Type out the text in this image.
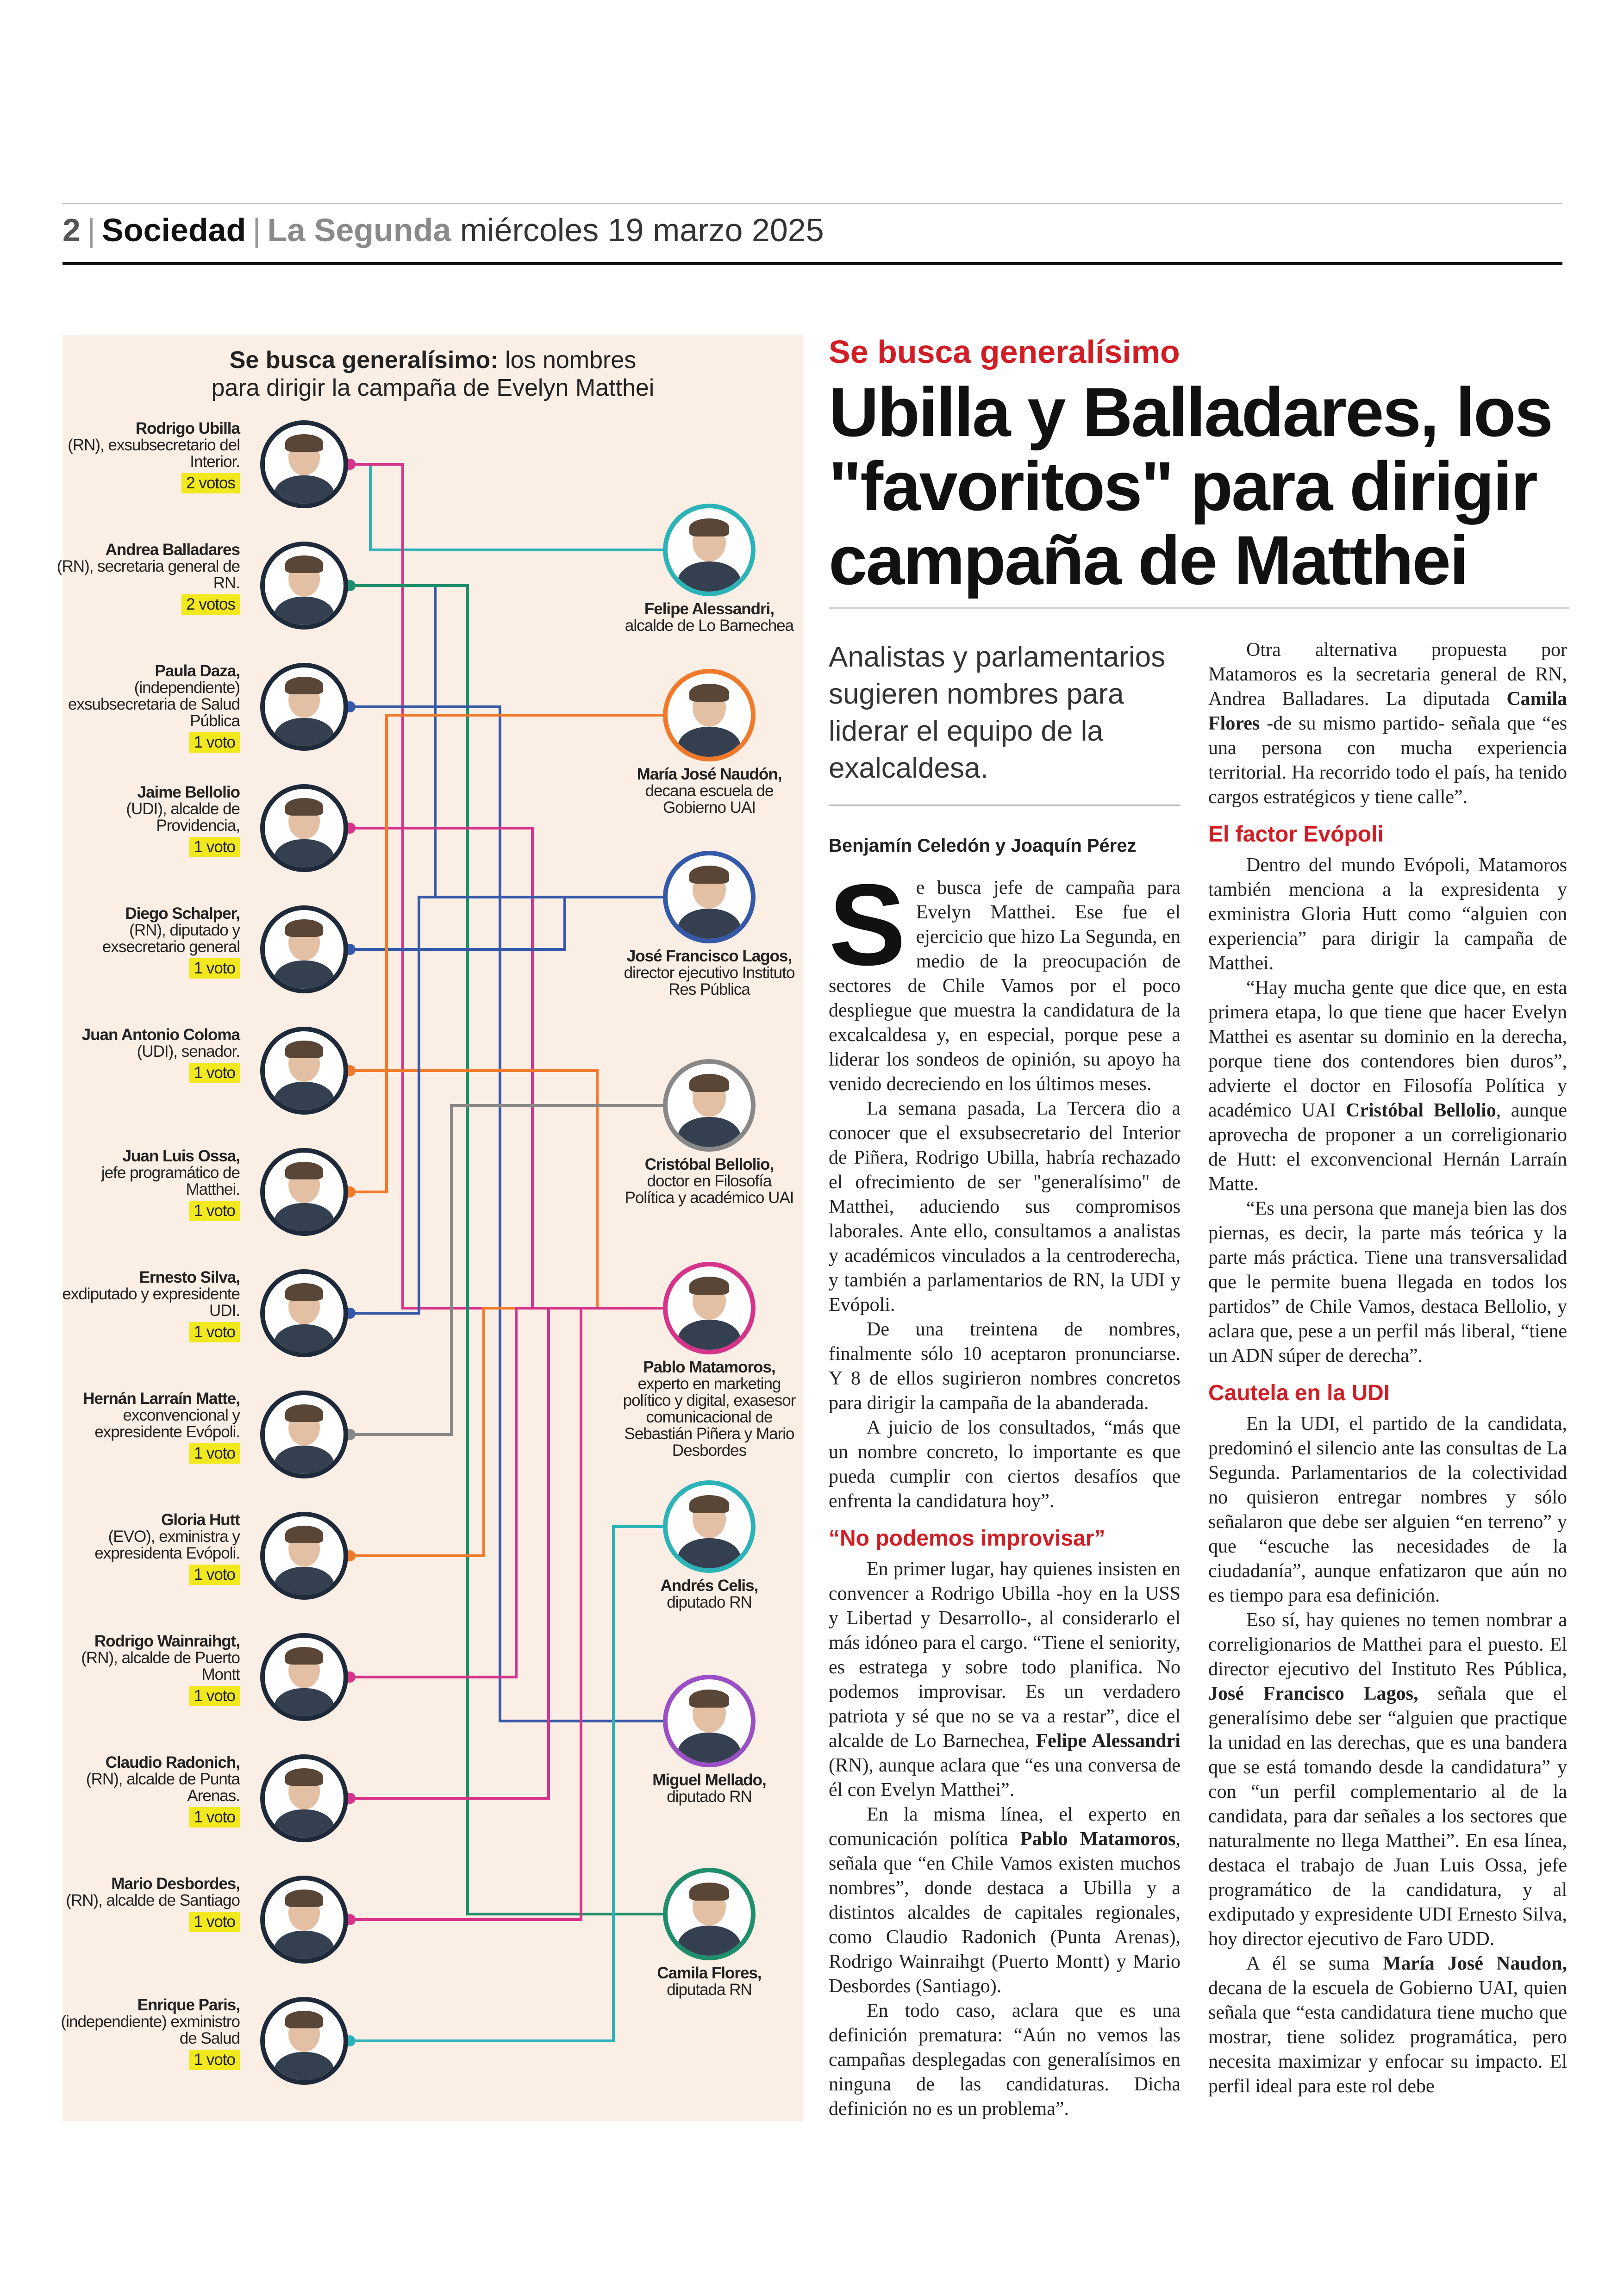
2 | Sociedad | La Segunda miércoles 19 marzo 2025
Se busca generalísimo: los nombres
para dirigir la campaña de Evelyn Matthei
Rodrigo Ubilla
(RN), exsubsecretario del Interior.
2 votos
Andrea Balladares
(RN), secretaria general de RN.
2 votos
Paula Daza,
(independiente) exsubsecretaria de Salud Pública
1 voto
Jaime Bellolio
(UDI), alcalde de Providencia,
1 voto
Diego Schalper,
(RN), diputado y exsecretario general
1 voto
Juan Antonio Coloma
(UDI), senador.
1 voto
Juan Luis Ossa,
jefe programático de Matthei.
1 voto
Ernesto Silva,
exdiputado y expresidente UDI.
1 voto
Hernán Larraín Matte,
exconvencional y expresidente Evópoli.
1 voto
Gloria Hutt
(EVO), exministra y expresidenta Evópoli.
1 voto
Rodrigo Wainraihgt,
(RN), alcalde de Puerto Montt
1 voto
Claudio Radonich,
(RN), alcalde de Punta Arenas.
1 voto
Mario Desbordes,
(RN), alcalde de Santiago
1 voto
Enrique Paris,
(independiente) exministro de Salud
1 voto
Felipe Alessandri,
alcalde de Lo Barnechea
María José Naudón,
decana escuela de Gobierno UAI
José Francisco Lagos,
director ejecutivo Instituto Res Pública
Cristóbal Bellolio,
doctor en Filosofía Política y académico UAI
Pablo Matamoros,
experto en marketing político y digital, exasesor comunicacional de Sebastián Piñera y Mario Desbordes
Andrés Celis,
diputado RN
Miguel Mellado,
diputado RN
Camila Flores,
diputada RN
Se busca generalísimo
Ubilla y Balladares, los "favoritos" para dirigir campaña de Matthei
Analistas y parlamentarios sugieren nombres para liderar el equipo de la exalcaldesa.
Benjamín Celedón y Joaquín Pérez
S e busca jefe de campaña para Evelyn Matthei. Ese fue el ejercicio que hizo La Segunda, en medio de la preocupación de sectores de Chile Vamos por el poco despliegue que muestra la candidatura de la excalcaldesa y, en especial, porque pese a liderar los sondeos de opinión, su apoyo ha venido decreciendo en los últimos meses.

La semana pasada, La Tercera dio a conocer que el exsubsecretario del Interior de Piñera, Rodrigo Ubilla, habría rechazado el ofrecimiento de ser "generalísimo" de Matthei, aduciendo sus compromisos laborales. Ante ello, consultamos a analistas y académicos vinculados a la centroderecha, y también a parlamentarios de RN, la UDI y Evópoli.

De una treintena de nombres, finalmente sólo 10 aceptaron pronunciarse. Y 8 de ellos sugirieron nombres concretos para dirigir la campaña de la abanderada.

A juicio de los consultados, “más que un nombre concreto, lo importante es que pueda cumplir con ciertos desafíos que enfrenta la candidatura hoy”.

“No podemos improvisar”

En primer lugar, hay quienes insisten en convencer a Rodrigo Ubilla -hoy en la USS y Libertad y Desarrollo-, al considerarlo el más idóneo para el cargo. “Tiene el seniority, es estratega y sobre todo planifica. No podemos improvisar. Es un verdadero patriota y sé que no se va a restar”, dice el alcalde de Lo Barnechea, Felipe Alessandri (RN), aunque aclara que “es una conversa de él con Evelyn Matthei”.

En la misma línea, el experto en comunicación política Pablo Matamoros, señala que “en Chile Vamos existen muchos nombres”, donde destaca a Ubilla y a distintos alcaldes de capitales regionales, como Claudio Radonich (Punta Arenas), Rodrigo Wainraihgt (Puerto Montt) y Mario Desbordes (Santiago).

En todo caso, aclara que es una definición prematura: “Aún no vemos las campañas desplegadas con generalísimos en ninguna de las candidaturas. Dicha definición no es un problema”.

Otra alternativa propuesta por Matamoros es la secretaria general de RN, Andrea Balladares. La diputada Camila Flores -de su mismo partido- señala que “es una persona con mucha experiencia territorial. Ha recorrido todo el país, ha tenido cargos estratégicos y tiene calle”.

El factor Evópoli

Dentro del mundo Evópoli, Matamoros también menciona a la expresidenta y exministra Gloria Hutt como “alguien con experiencia” para dirigir la campaña de Matthei.

“Hay mucha gente que dice que, en esta primera etapa, lo que tiene que hacer Evelyn Matthei es asentar su dominio en la derecha, porque tiene dos contendores bien duros”, advierte el doctor en Filosofía Política y académico UAI Cristóbal Bellolio, aunque aprovecha de proponer a un correligionario de Hutt: el exconvencional Hernán Larraín Matte.

“Es una persona que maneja bien las dos piernas, es decir, la parte más teórica y la parte más práctica. Tiene una transversalidad que le permite buena llegada en todos los partidos” de Chile Vamos, destaca Bellolio, y aclara que, pese a un perfil más liberal, “tiene un ADN súper de derecha”.

Cautela en la UDI

En la UDI, el partido de la candidata, predominó el silencio ante las consultas de La Segunda. Parlamentarios de la colectividad no quisieron entregar nombres y sólo señalaron que debe ser alguien “en terreno” y que “escuche las necesidades de la ciudadanía”, aunque enfatizaron que aún no es tiempo para esa definición.

Eso sí, hay quienes no temen nombrar a correligionarios de Matthei para el puesto. El director ejecutivo del Instituto Res Pública, José Francisco Lagos, señala que el generalísimo debe ser “alguien que practique la unidad en las derechas, que es una bandera que se está tomando desde la candidatura” y con “un perfil complementario al de la candidata, para dar señales a los sectores que naturalmente no llega Matthei”. En esa línea, destaca el trabajo de Juan Luis Ossa, jefe programático de la candidatura, y al exdiputado y expresidente UDI Ernesto Silva, hoy director ejecutivo de Faro UDD.

A él se suma María José Naudon, decana de la escuela de Gobierno UAI, quien señala que “esta candidatura tiene mucho que mostrar, tiene solidez programática, pero necesita maximizar y enfocar su impacto. El perfil ideal para este rol debe
